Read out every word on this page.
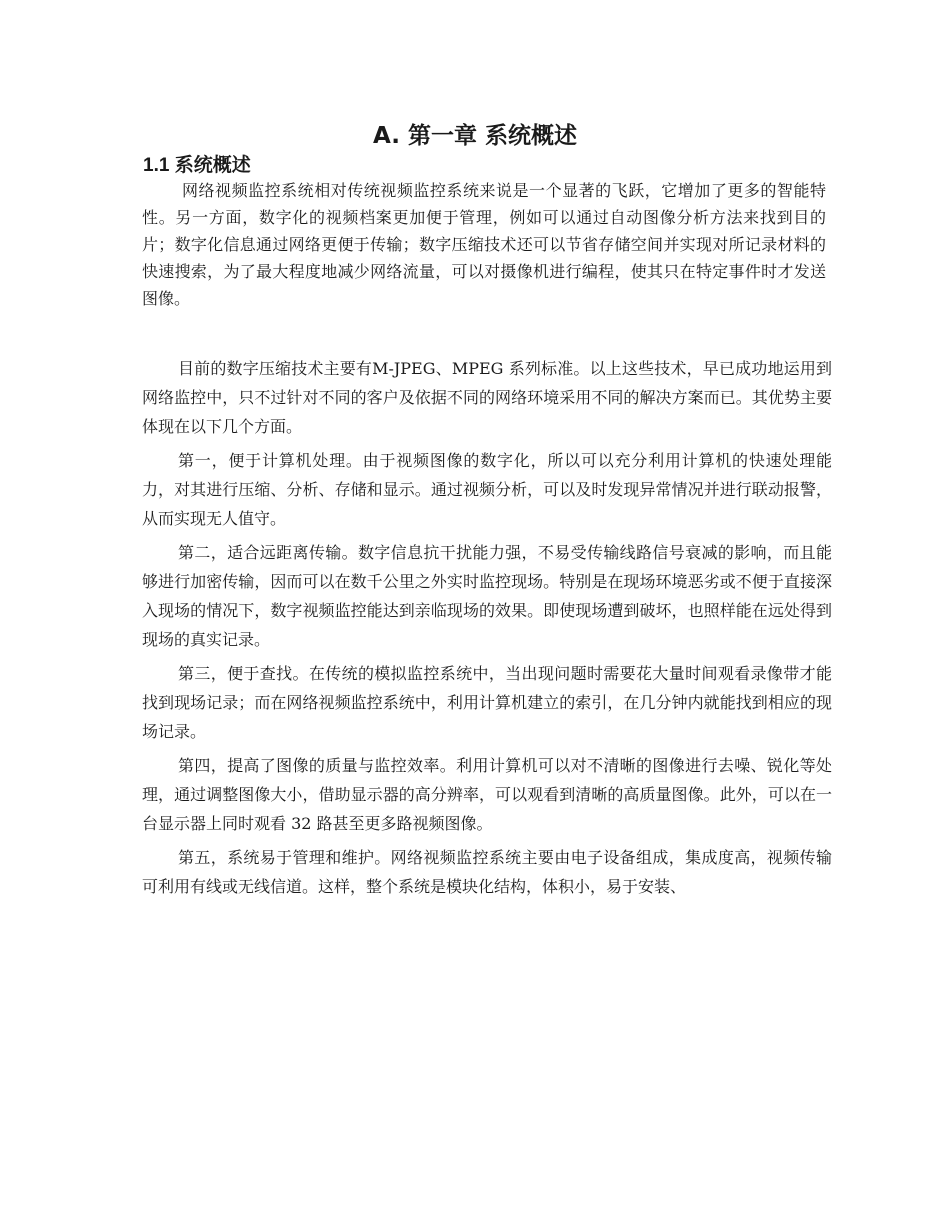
A. 第一章 系统概述
1.1 系统概述

网络视频监控系统相对传统视频监控系统来说是一个显著的飞跃，它增加了更多的智能特性。另一方面，数字化的视频档案更加便于管理，例如可以通过自动图像分析方法来找到目的片；数字化信息通过网络更便于传输；数字压缩技术还可以节省存储空间并实现对所记录材料的快速搜索，为了最大程度地减少网络流量，可以对摄像机进行编程，使其只在特定事件时才发送图像。

目前的数字压缩技术主要有M-JPEG、MPEG 系列标准。以上这些技术，早已成功地运用到网络监控中，只不过针对不同的客户及依据不同的网络环境采用不同的解决方案而已。其优势主要体现在以下几个方面。

第一，便于计算机处理。由于视频图像的数字化，所以可以充分利用计算机的快速处理能力，对其进行压缩、分析、存储和显示。通过视频分析，可以及时发现异常情况并进行联动报警，从而实现无人值守。

第二，适合远距离传输。数字信息抗干扰能力强，不易受传输线路信号衰减的影响，而且能够进行加密传输，因而可以在数千公里之外实时监控现场。特别是在现场环境恶劣或不便于直接深入现场的情况下，数字视频监控能达到亲临现场的效果。即使现场遭到破坏，也照样能在远处得到现场的真实记录。

第三，便于查找。在传统的模拟监控系统中，当出现问题时需要花大量时间观看录像带才能找到现场记录；而在网络视频监控系统中，利用计算机建立的索引，在几分钟内就能找到相应的现场记录。

第四，提高了图像的质量与监控效率。利用计算机可以对不清晰的图像进行去噪、锐化等处理，通过调整图像大小，借助显示器的高分辨率，可以观看到清晰的高质量图像。此外，可以在一台显示器上同时观看 32 路甚至更多路视频图像。

第五，系统易于管理和维护。网络视频监控系统主要由电子设备组成，集成度高，视频传输可利用有线或无线信道。这样，整个系统是模块化结构，体积小，易于安装、
